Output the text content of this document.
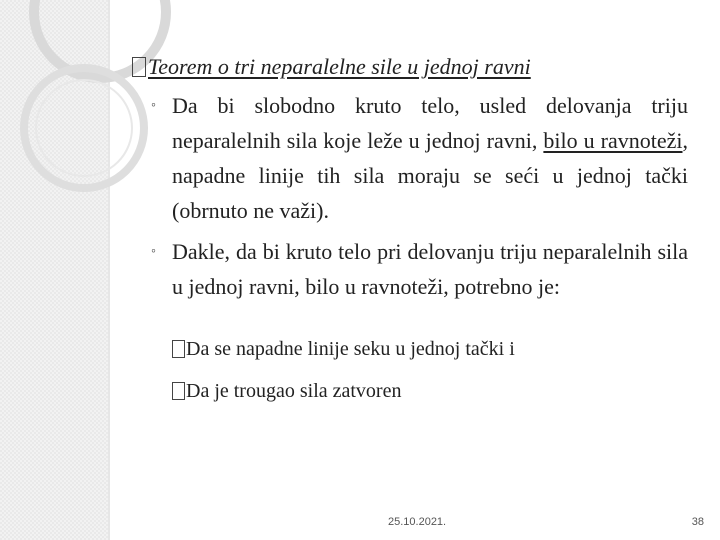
Teorem o tri neparalelne sile u jednoj ravni
◦ Da bi slobodno kruto telo, usled delovanja triju neparalelnih sila koje leže u jednoj ravni, bilo u ravnoteži, napadne linije tih sila moraju se seći u jednoj tački (obrnuto ne važi).
◦ Dakle, da bi kruto telo pri delovanju triju neparalelnih sila u jednoj ravni, bilo u ravnoteži, potrebno je:
Da se napadne linije seku u jednoj tački i
Da je trougao sila zatvoren
25.10.2021.	38
